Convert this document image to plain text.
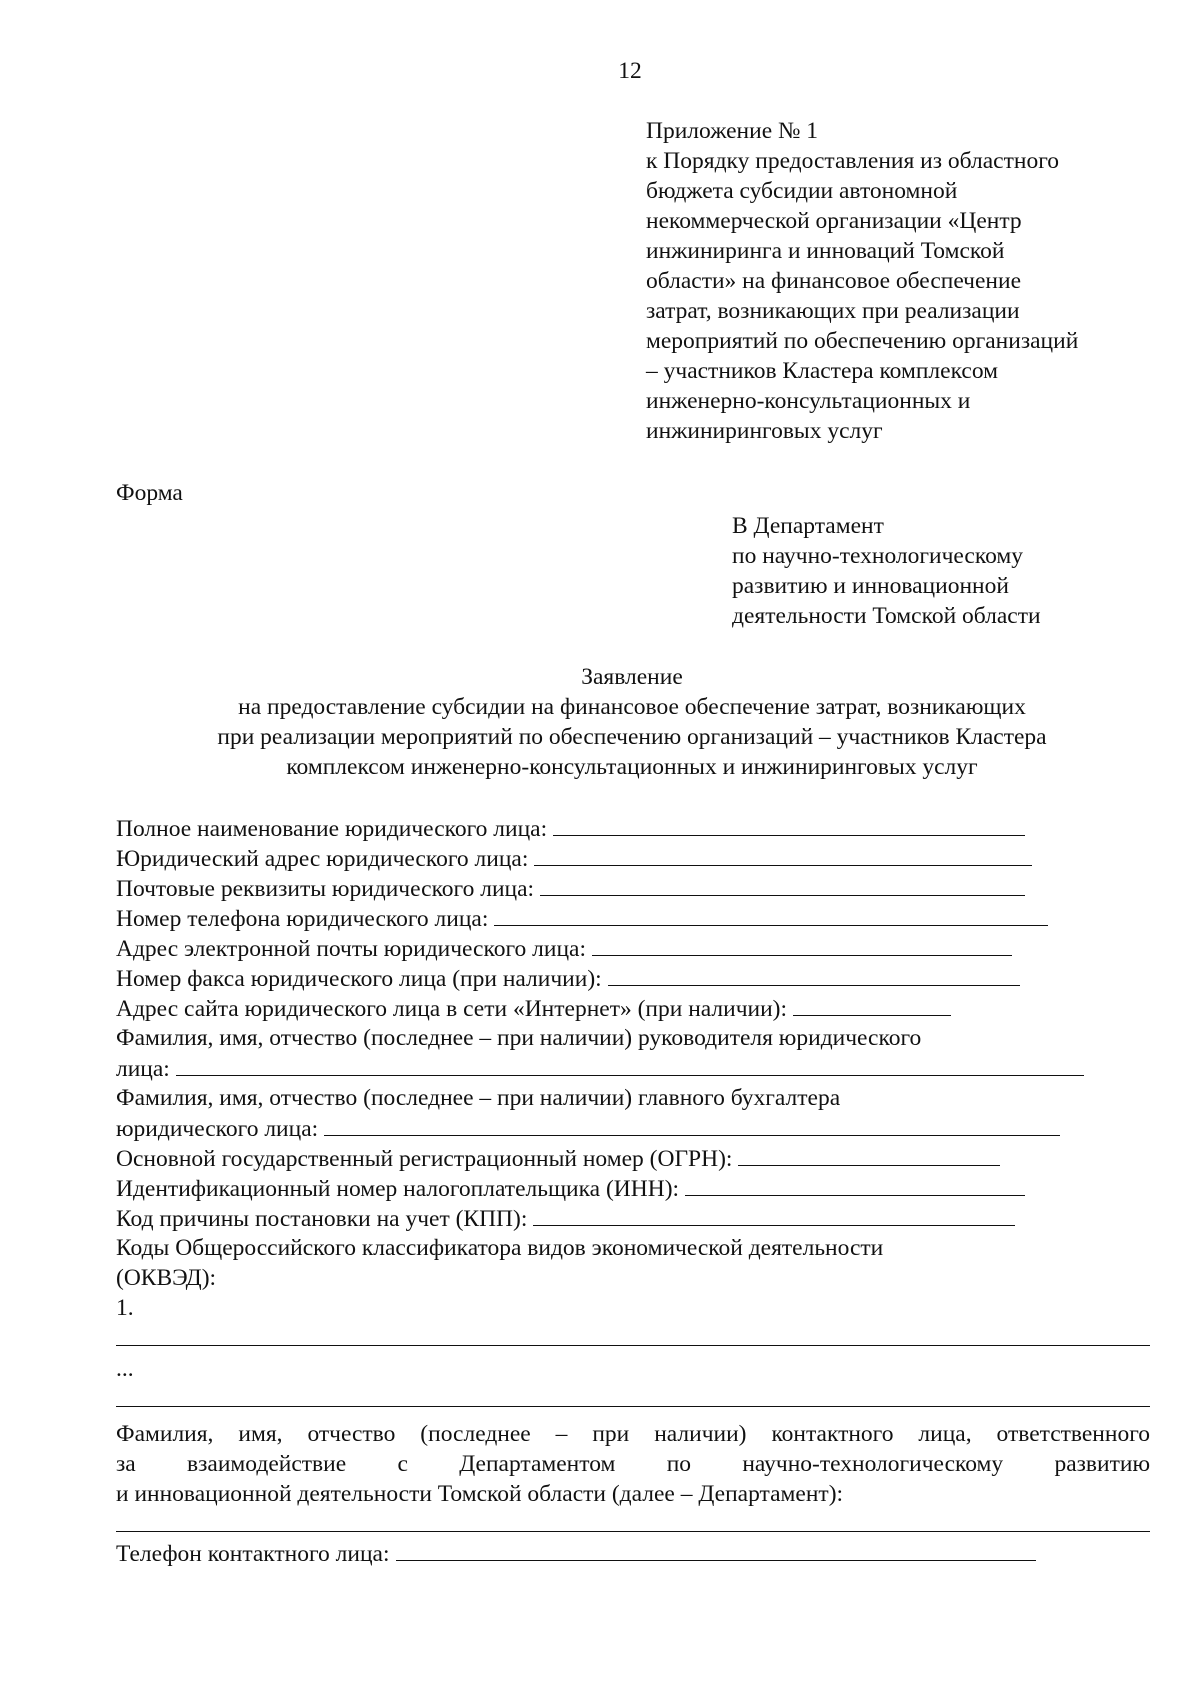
12
Приложение № 1
к Порядку предоставления из областного
бюджета субсидии автономной
некоммерческой организации «Центр
инжиниринга и инноваций Томской
области» на финансовое обеспечение
затрат, возникающих при реализации
мероприятий по обеспечению организаций
– участников Кластера комплексом
инженерно-консультационных и
инжиниринговых услуг
Форма
В Департамент
по научно-технологическому
развитию и инновационной
деятельности Томской области
Заявление
на предоставление субсидии на финансовое обеспечение затрат, возникающих
при реализации мероприятий по обеспечению организаций – участников Кластера
комплексом инженерно-консультационных и инжиниринговых услуг
Полное наименование юридического лица:
Юридический адрес юридического лица:
Почтовые реквизиты юридического лица:
Номер телефона юридического лица:
Адрес электронной почты юридического лица:
Номер факса юридического лица (при наличии):
Адрес сайта юридического лица в сети «Интернет» (при наличии):
Фамилия, имя, отчество (последнее – при наличии) руководителя юридического
лица:
Фамилия, имя, отчество (последнее – при наличии) главного бухгалтера
юридического лица:
Основной государственный регистрационный номер (ОГРН):
Идентификационный номер налогоплательщика (ИНН):
Код причины постановки на учет (КПП):
Коды Общероссийского классификатора видов экономической деятельности
(ОКВЭД):
1.
...
Фамилия, имя, отчество (последнее – при наличии) контактного лица, ответственного
за взаимодействие с Департаментом по научно-технологическому развитию
и инновационной деятельности Томской области (далее – Департамент):
Телефон контактного лица:
